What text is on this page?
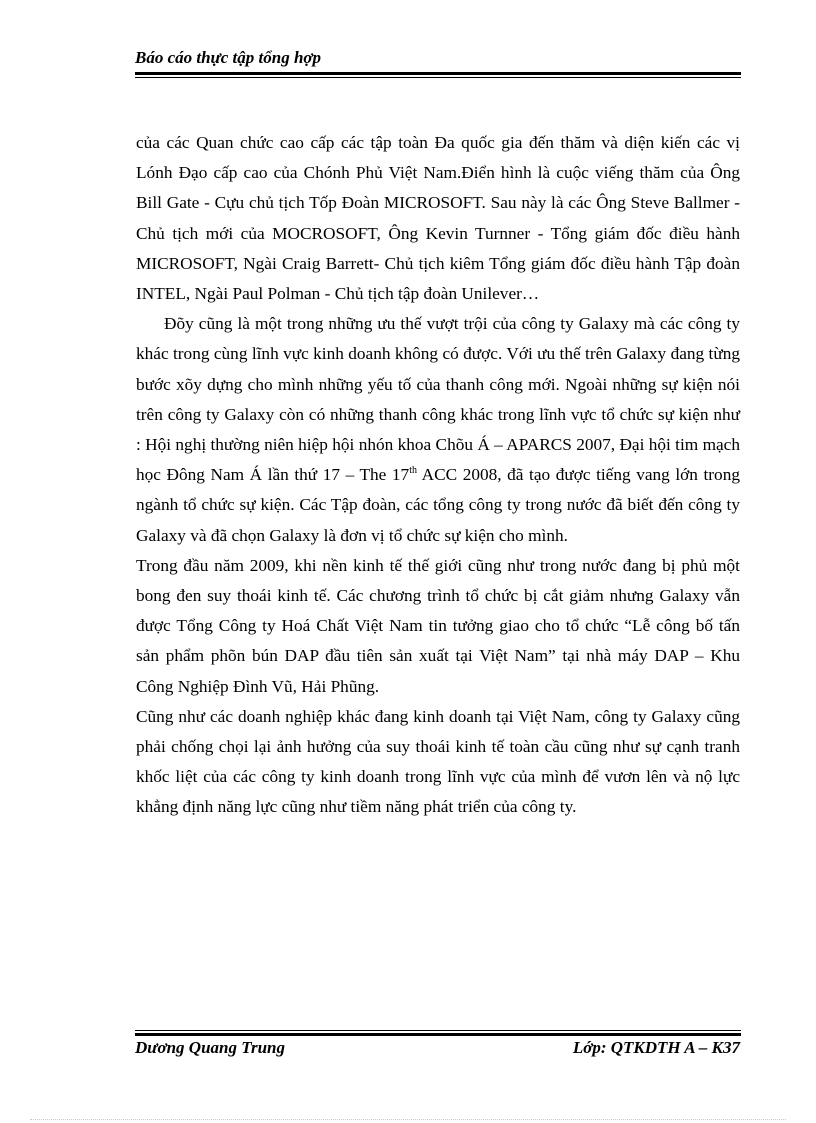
Báo cáo thực tập tổng hợp

của các Quan chức cao cấp các tập toàn Đa quốc gia đến thăm và diện kiến các vị Lónh Đạo cấp cao của Chónh Phủ Việt Nam.Điển hình là cuộc viếng thăm của Ông Bill Gate - Cựu chủ tịch Tốp Đoàn MICROSOFT. Sau này là các Ông Steve Ballmer - Chủ tịch mới của MOCROSOFT, Ông Kevin Turnner - Tổng giám đốc điều hành MICROSOFT, Ngài Craig Barrett- Chủ tịch kiêm Tổng giám đốc điều hành Tập đoàn INTEL, Ngài Paul Polman - Chủ tịch tập đoàn Unilever…

Đõy cũng là một trong những ưu thế vượt trội của công ty Galaxy mà các công ty khác trong cùng lĩnh vực kinh doanh không có được. Với ưu thế trên Galaxy đang từng bước xõy dựng cho mình những yếu tố của thanh công mới. Ngoài những sự kiện nói trên công ty Galaxy còn có những thanh công khác trong lĩnh vực tổ chức sự kiện như : Hội nghị thường niên hiệp hội nhón khoa Chõu Á – APARCS 2007, Đại hội tim mạch học Đông Nam Á lần thứ 17 – The 17th ACC 2008, đã tạo được tiếng vang lớn trong ngành tổ chức sự kiện. Các Tập đoàn, các tổng công ty trong nước đã biết đến công ty Galaxy và đã chọn Galaxy là đơn vị tổ chức sự kiện cho mình.

Trong đầu năm 2009, khi nền kinh tế thế giới cũng như trong nước đang bị phủ một bong đen suy thoái kinh tế. Các chương trình tổ chức bị cắt giảm nhưng Galaxy vẫn được Tổng Công ty Hoá Chất Việt Nam tin tưởng giao cho tổ chức “Lễ công bố tấn sản phẩm phõn bún DAP đầu tiên sản xuất tại Việt Nam” tại nhà máy DAP – Khu Công Nghiệp Đình Vũ, Hải Phũng.

Cũng như các doanh nghiệp khác đang kinh doanh tại Việt Nam, công ty Galaxy cũng phải chống chọi lại ảnh hưởng của suy thoái kinh tế toàn cầu cũng như sự cạnh tranh khốc liệt của các công ty kinh doanh trong lĩnh vực của mình để vươn lên và nộ lực khẳng định năng lực cũng như tiềm năng phát triển của công ty.

Dương Quang Trung	Lớp: QTKDTH A – K37
